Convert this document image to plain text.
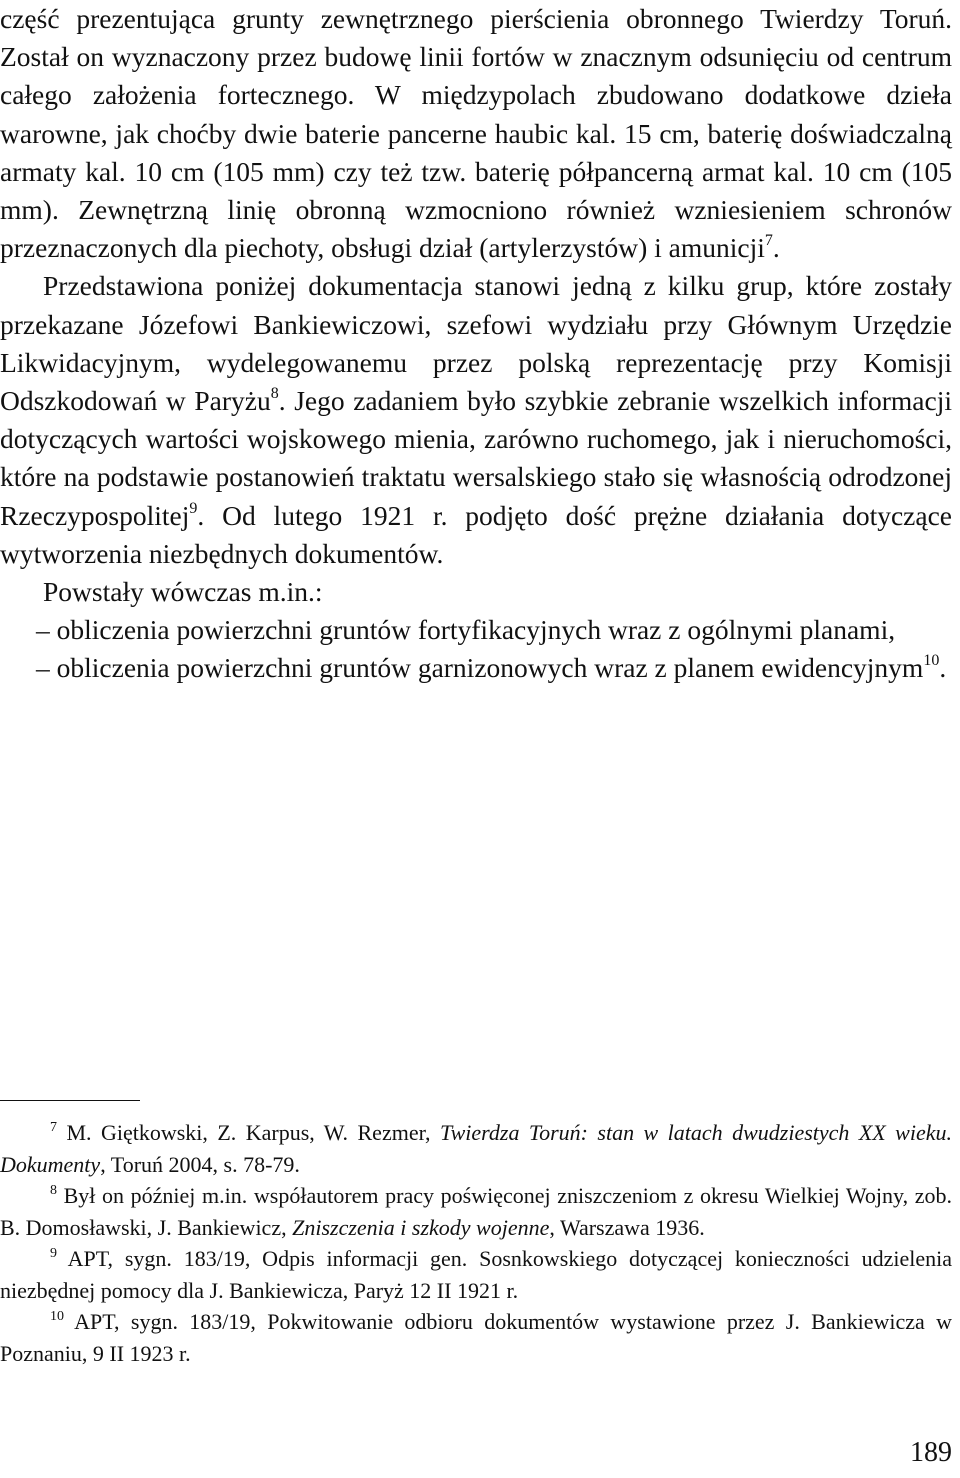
część prezentująca grunty zewnętrznego pierścienia obronnego Twierdzy Toruń. Został on wyznaczony przez budowę linii fortów w znacznym odsunięciu od centrum całego założenia fortecznego. W międzypolach zbudowano dodatkowe dzieła warowne, jak choćby dwie baterie pancerne haubic kal. 15 cm, baterię doświadczalną armaty kal. 10 cm (105 mm) czy też tzw. baterię półpancerną armat kal. 10 cm (105 mm). Zewnętrzną linię obronną wzmocniono również wzniesieniem schronów przeznaczonych dla piechoty, obsługi dział (artylerzystów) i amunicji$^7$.

Przedstawiona poniżej dokumentacja stanowi jedną z kilku grup, które zostały przekazane Józefowi Bankiewiczowi, szefowi wydziału przy Głównym Urzędzie Likwidacyjnym, wydelegowanemu przez polską reprezentację przy Komisji Odszkodowań w Paryżu$^8$. Jego zadaniem było szybkie zebranie wszelkich informacji dotyczących wartości wojskowego mienia, zarówno ruchomego, jak i nieruchomości, które na podstawie postanowień traktatu wersalskiego stało się własnością odrodzonej Rzeczypospolitej$^9$. Od lutego 1921 r. podjęto dość prężne działania dotyczące wytworzenia niezbędnych dokumentów.

Powstały wówczas m.in.:

– obliczenia powierzchni gruntów fortyfikacyjnych wraz z ogólnymi planami,

– obliczenia powierzchni gruntów garnizonowych wraz z planem ewidencyjnym$^{10}$.

$^7$ M. Giętkowski, Z. Karpus, W. Rezmer, Twierdza Toruń: stan w latach dwudziestych XX wieku. Dokumenty, Toruń 2004, s. 78-79.

$^8$ Był on później m.in. współautorem pracy poświęconej zniszczeniom z okresu Wielkiej Wojny, zob. B. Domosławski, J. Bankiewicz, Zniszczenia i szkody wojenne, Warszawa 1936.

$^9$ APT, sygn. 183/19, Odpis informacji gen. Sosnkowskiego dotyczącej konieczności udzielenia niezbędnej pomocy dla J. Bankiewicza, Paryż 12 II 1921 r.

$^{10}$ APT, sygn. 183/19, Pokwitowanie odbioru dokumentów wystawione przez J. Bankiewicza w Poznaniu, 9 II 1923 r.

189
